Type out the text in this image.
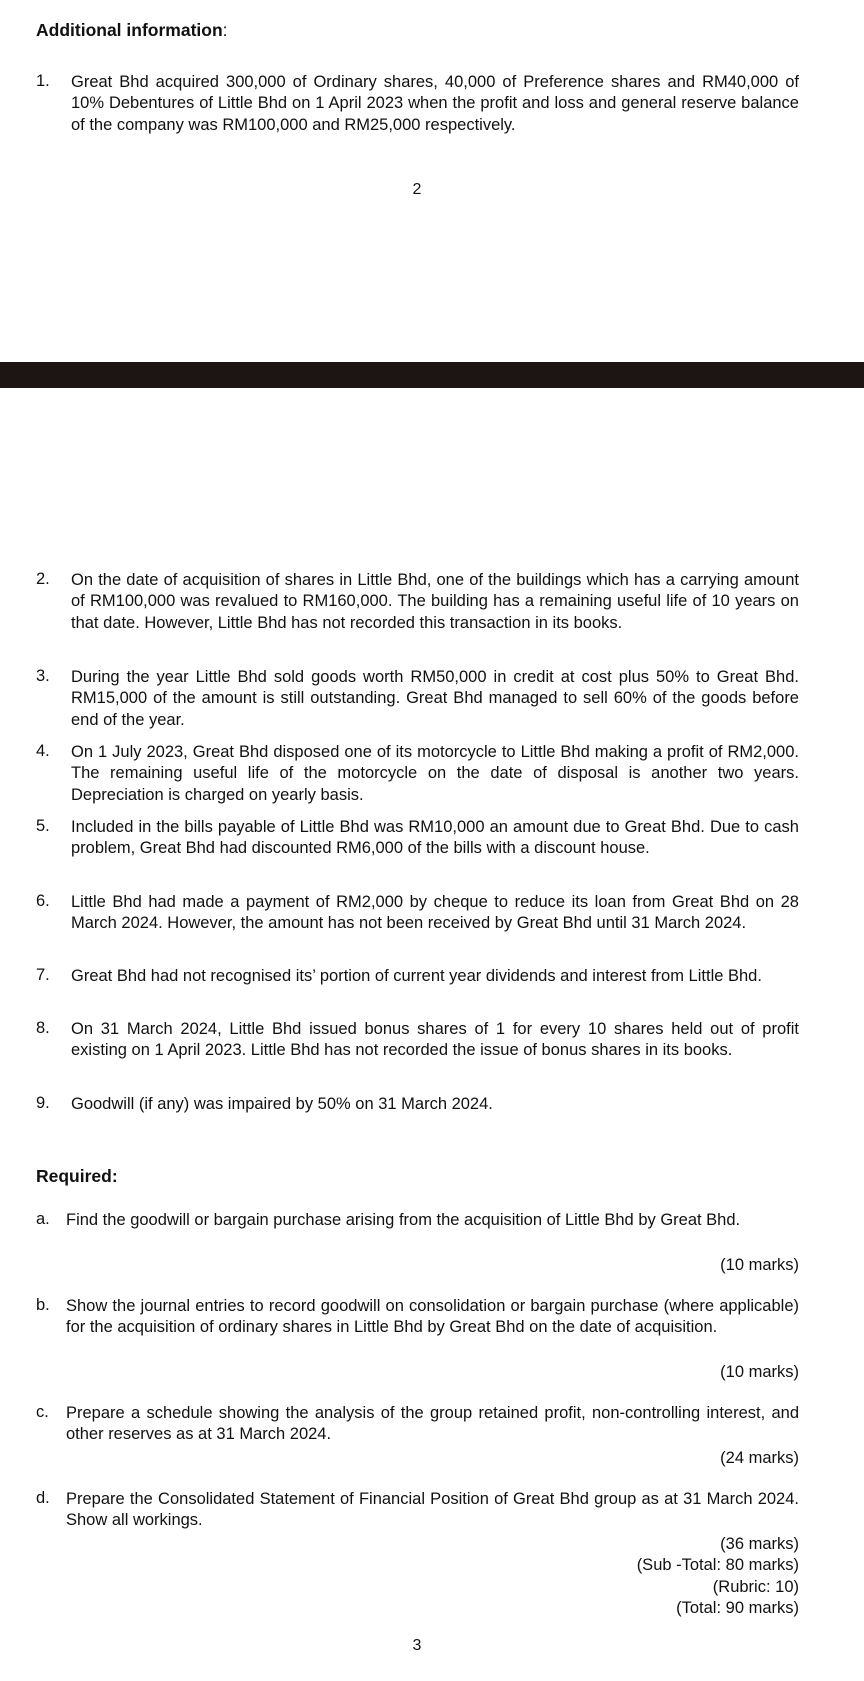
Additional information:
1. Great Bhd acquired 300,000 of Ordinary shares, 40,000 of Preference shares and RM40,000 of 10% Debentures of Little Bhd on 1 April 2023 when the profit and loss and general reserve balance of the company was RM100,000 and RM25,000 respectively.
2
2. On the date of acquisition of shares in Little Bhd, one of the buildings which has a carrying amount of RM100,000 was revalued to RM160,000. The building has a remaining useful life of 10 years on that date. However, Little Bhd has not recorded this transaction in its books.
3. During the year Little Bhd sold goods worth RM50,000 in credit at cost plus 50% to Great Bhd. RM15,000 of the amount is still outstanding. Great Bhd managed to sell 60% of the goods before end of the year.
4. On 1 July 2023, Great Bhd disposed one of its motorcycle to Little Bhd making a profit of RM2,000. The remaining useful life of the motorcycle on the date of disposal is another two years. Depreciation is charged on yearly basis.
5. Included in the bills payable of Little Bhd was RM10,000 an amount due to Great Bhd. Due to cash problem, Great Bhd had discounted RM6,000 of the bills with a discount house.
6. Little Bhd had made a payment of RM2,000 by cheque to reduce its loan from Great Bhd on 28 March 2024. However, the amount has not been received by Great Bhd until 31 March 2024.
7. Great Bhd had not recognised its’ portion of current year dividends and interest from Little Bhd.
8. On 31 March 2024, Little Bhd issued bonus shares of 1 for every 10 shares held out of profit existing on 1 April 2023. Little Bhd has not recorded the issue of bonus shares in its books.
9. Goodwill (if any) was impaired by 50% on 31 March 2024.
Required:
a. Find the goodwill or bargain purchase arising from the acquisition of Little Bhd by Great Bhd.
(10 marks)
b. Show the journal entries to record goodwill on consolidation or bargain purchase (where applicable) for the acquisition of ordinary shares in Little Bhd by Great Bhd on the date of acquisition.
(10 marks)
c. Prepare a schedule showing the analysis of the group retained profit, non-controlling interest, and other reserves as at 31 March 2024.
(24 marks)
d. Prepare the Consolidated Statement of Financial Position of Great Bhd group as at 31 March 2024. Show all workings.
(36 marks)
(Sub -Total: 80 marks)
(Rubric: 10)
(Total: 90 marks)
3
